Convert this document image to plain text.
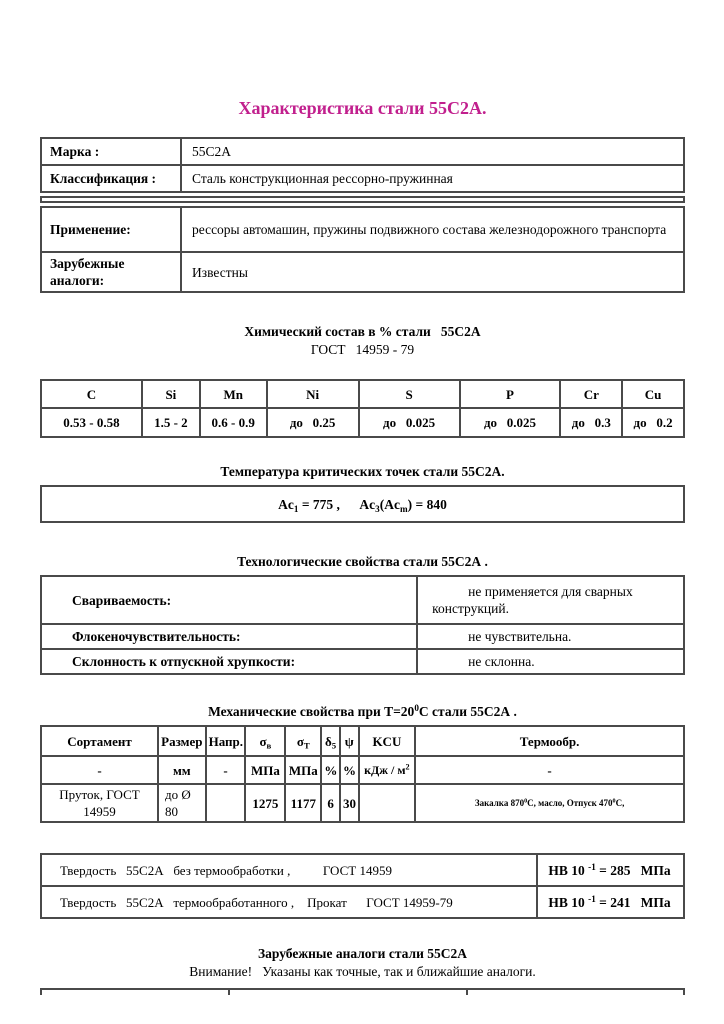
Характеристика стали 55С2А.
Марка :	55С2А
Классификация :	Сталь конструкционная рессорно-пружинная
Применение:	рессоры автомашин, пружины подвижного состава железнодорожного транспорта
Зарубежные аналоги:	Известны
Химический состав в % стали   55С2А
ГОСТ   14959 - 79
C	Si	Mn	Ni	S	P	Cr	Cu
0.53 - 0.58	1.5 - 2	0.6 - 0.9	до   0.25	до   0.025	до   0.025	до   0.3	до   0.2
Температура критических точек стали 55С2А.
$Ac_1 = 775$ ,      $Ac_3(Ac_m) = 840$
Технологические свойства стали 55С2А .
Свариваемость:	не применяется для сварных конструкций.
Флокеночувствительность:	не чувствительна.
Склонность к отпускной хрупкости:	не склонна.
Механические свойства при $Т=20^0С$ стали 55С2А .
Сортамент	Размер	Напр.	$\sigma_в$	$\sigma_Т$	$\delta_5$	ψ	KCU	Термообр.
-	мм	-	МПа	МПа	%	%	кДж / $м^2$	-
Пруток, ГОСТ 14959	до Ø 80		1275	1177	6	30		Закалка $870^0С$, масло, Отпуск $470^0С$,
Твердость   55С2А   без термообработки ,          ГОСТ 14959	НВ 10 $^{-1}$ = 285   МПа
Твердость   55С2А   термообработанного ,    Прокат      ГОСТ 14959-79	НВ 10 $^{-1}$ = 241   МПа
Зарубежные аналоги стали 55С2А
Внимание!   Указаны как точные, так и ближайшие аналоги.
